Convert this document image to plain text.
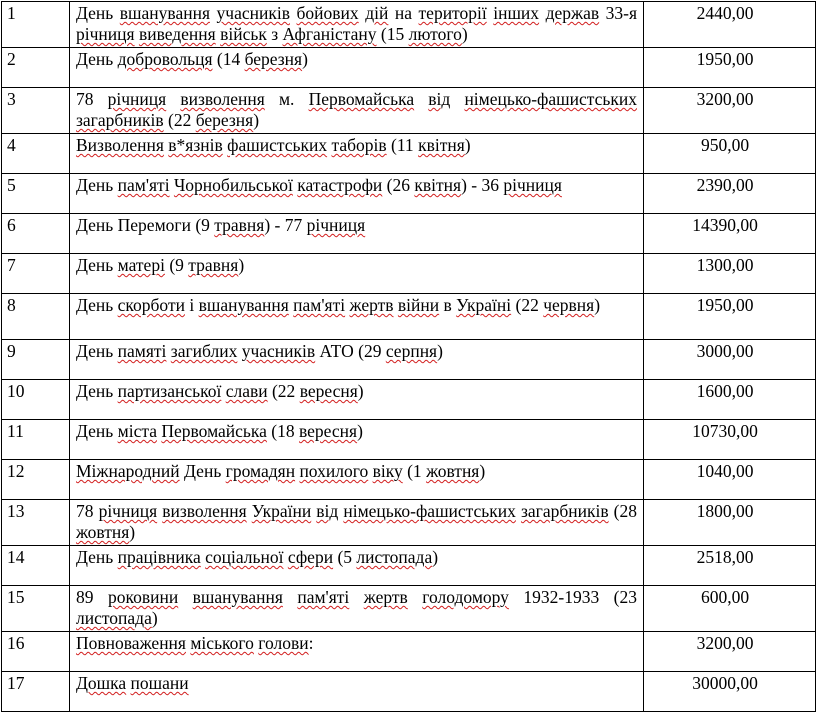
1	День вшанування учасників бойових дій на території інших держав 33-я річниця виведення військ з Афганістану (15 лютого)	2440,00
2	День добровольця (14 березня)	1950,00
3	78 річниця визволення м. Первомайська від німецько-фашистських загарбників (22 березня)	3200,00
4	Визволення в*язнів фашистських таборів (11 квітня)	950,00
5	День пам'яті Чорнобильської катастрофи (26 квітня) - 36 річниця	2390,00
6	День Перемоги (9 травня) - 77 річниця	14390,00
7	День матері (9 травня)	1300,00
8	День скорботи і вшанування пам'яті жертв війни в Україні (22 червня)	1950,00
9	День памяті загиблих учасників АТО (29 серпня)	3000,00
10	День партизанської слави (22 вересня)	1600,00
11	День міста Первомайська (18 вересня)	10730,00
12	Міжнародний День громадян похилого віку (1 жовтня)	1040,00
13	78 річниця визволення України від німецько-фашистських загарбників (28 жовтня)	1800,00
14	День працівника соціальної сфери (5 листопада)	2518,00
15	89 роковини вшанування пам'яті жертв голодомору 1932-1933 (23 листопада)	600,00
16	Повноваження міського голови:	3200,00
17	Дошка пошани	30000,00
